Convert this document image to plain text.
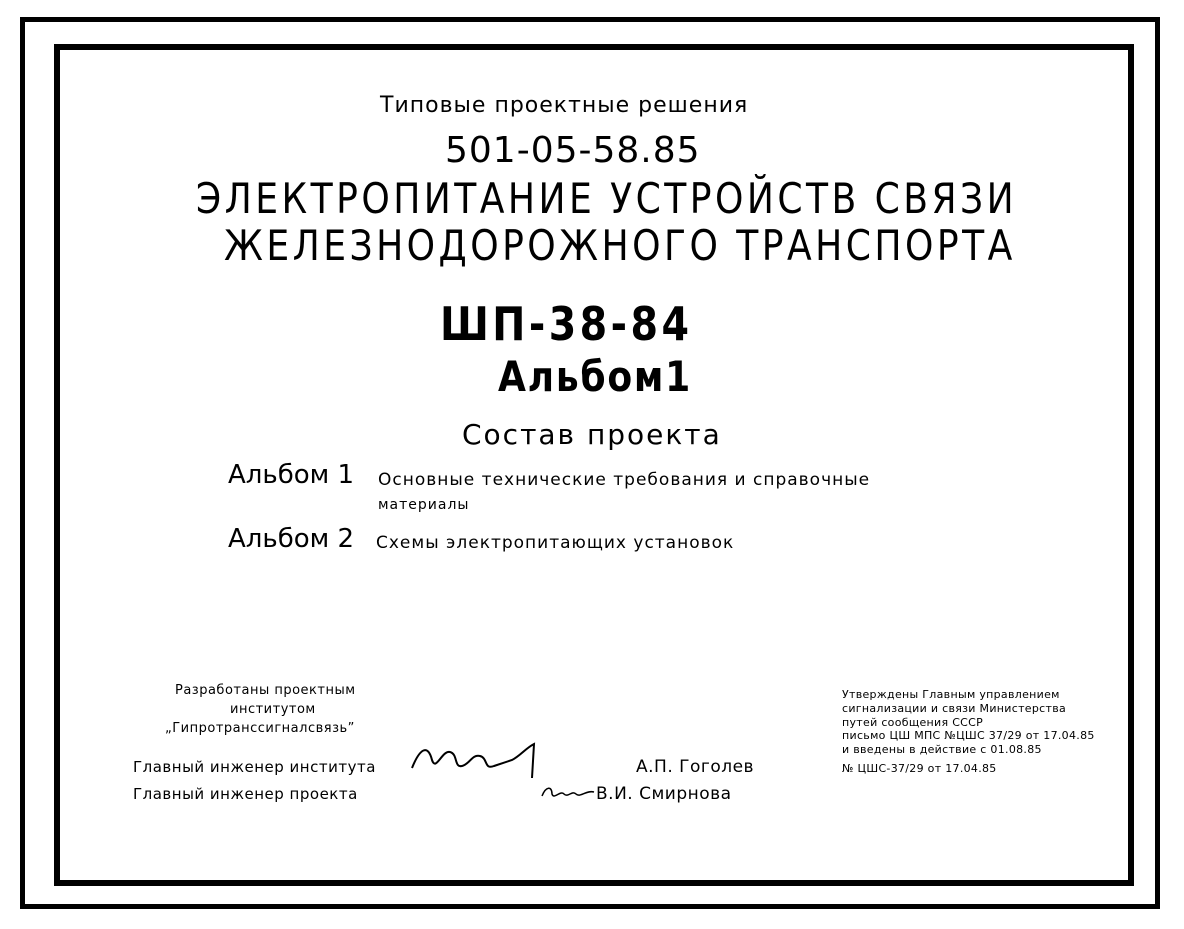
Типовые проектные решения
501-05-58.85
ЭЛЕКТРОПИТАНИЕ УСТРОЙСТВ СВЯЗИ
ЖЕЛЕЗНОДОРОЖНОГО ТРАНСПОРТА
ШП-38-84
Альбом1
Состав проекта
Альбом 1 Основные технические требования и справочные
материалы
Альбом 2 Схемы электропитающих установок
Разработаны проектным
институтом
„Гипротранссигналсвязь”
Главный инженер института	А.П. Гоголев
Главный инженер проекта	В.И. Смирнова
Утверждены Главным управлением
сигнализации и связи Министерства
путей сообщения СССР
письмо ЦШ МПС №ЦШС 37/29 от 17.04.85
и введены в действие с 01.08.85
№ ЦШС-37/29 от 17.04.85
